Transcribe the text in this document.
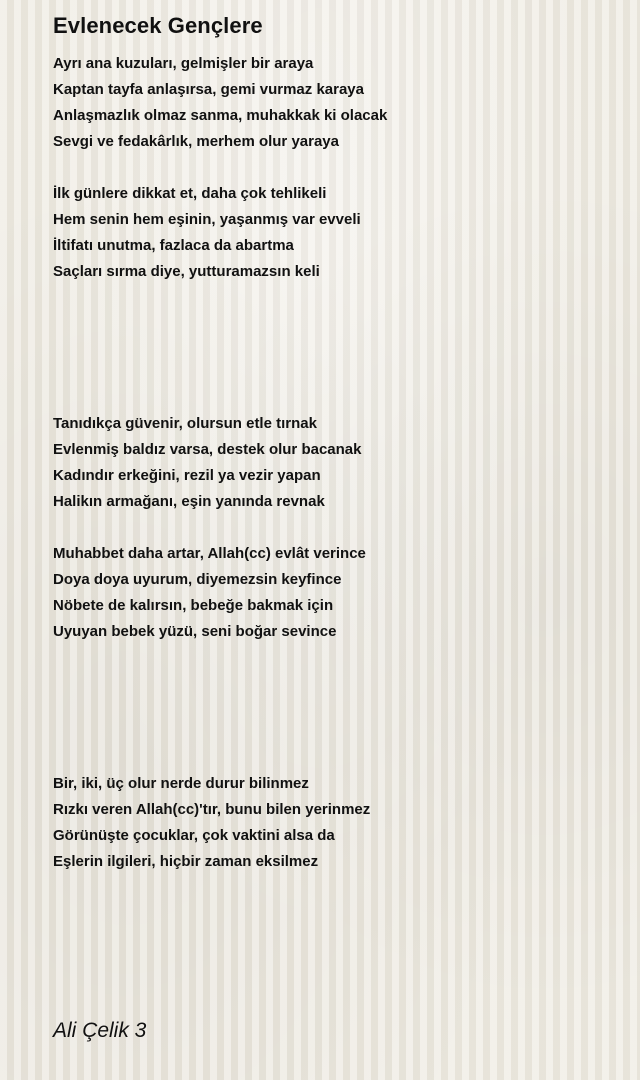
Evlenecek Gençlere
Ayrı ana kuzuları, gelmişler bir araya
Kaptan tayfa anlaşırsa, gemi vurmaz karaya
Anlaşmazlık olmaz sanma, muhakkak ki olacak
Sevgi ve fedakârlık, merhem olur yaraya
İlk günlere dikkat et, daha çok tehlikeli
Hem senin hem eşinin, yaşanmış var evveli
İltifatı unutma, fazlaca da abartma
Saçları sırma diye, yutturamazsın keli
Tanıdıkça güvenir, olursun etle tırnak
Evlenmiş baldız varsa, destek olur bacanak
Kadındır erkeğini, rezil ya vezir yapan
Halikın armağanı, eşin yanında revnak
Muhabbet daha artar, Allah(cc) evlât verince
Doya doya uyurum, diyemezsin keyfince
Nöbete de kalırsın, bebeğe bakmak için
Uyuyan bebek yüzü, seni boğar sevince
Bir, iki, üç olur nerde durur bilinmez
Rızkı veren Allah(cc)'tır, bunu bilen yerinmez
Görünüşte çocuklar, çok vaktini alsa da
Eşlerin ilgileri, hiçbir zaman eksilmez

Ali Çelik 3
